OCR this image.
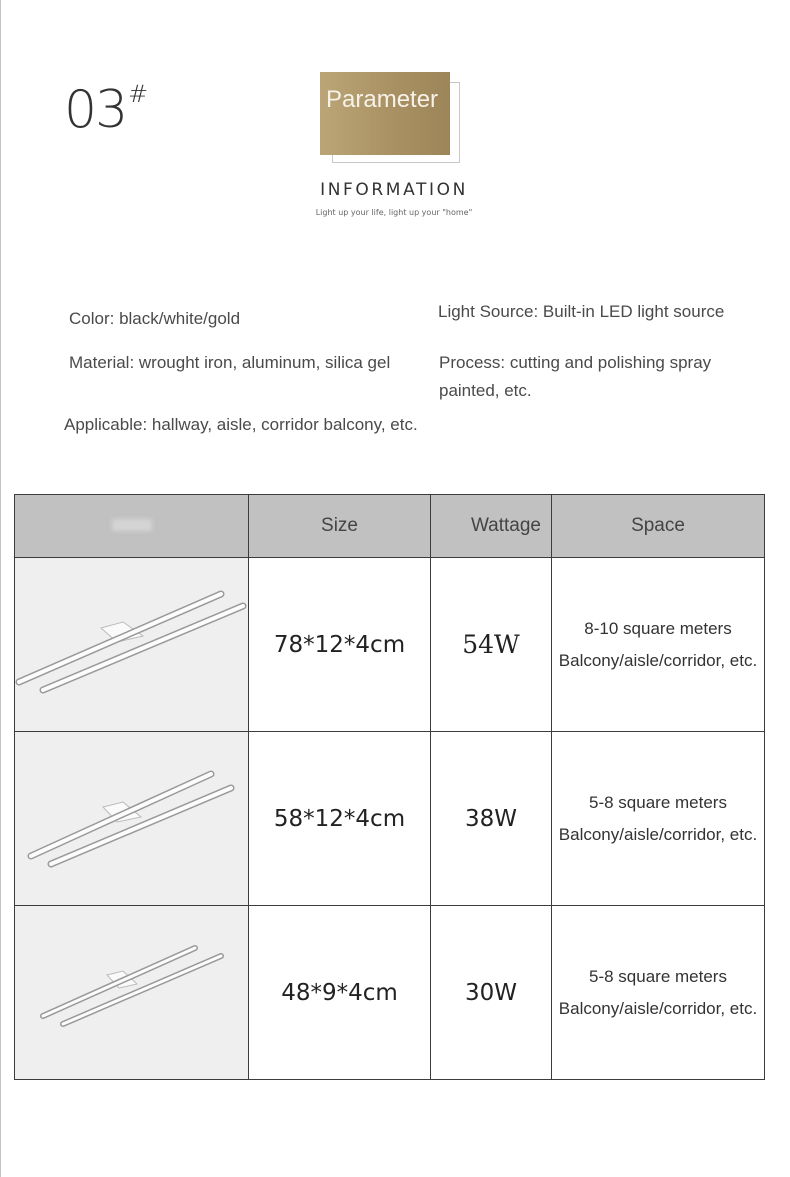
03 #	Parameter
INFORMATION
Light up your life, light up your "home"
Color: black/white/gold	Light Source: Built-in LED light source
Material: wrought iron, aluminum, silica gel	Process: cutting and polishing spray painted, etc.
Applicable: hallway, aisle, corridor balcony, etc.
	Size	Wattage	Space

	78*12*4cm	54W	8-10 square meters
Balcony/aisle/corridor, etc.

	58*12*4cm	38W	5-8 square meters
Balcony/aisle/corridor, etc.

	48*9*4cm	30W	5-8 square meters
Balcony/aisle/corridor, etc.
